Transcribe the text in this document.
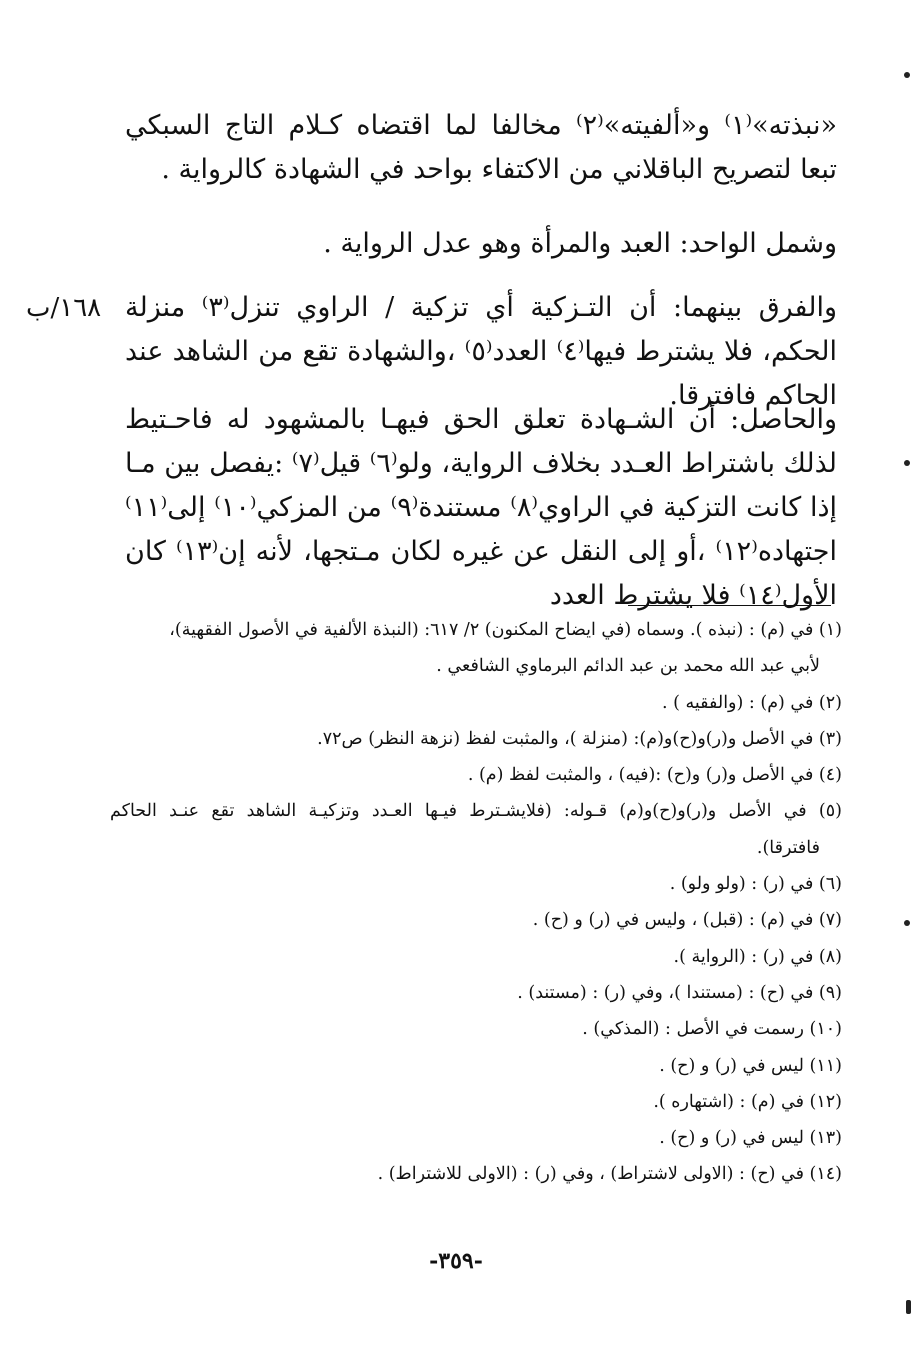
«نبذته»⁽١⁾ و«ألفيته»⁽٢⁾ مخالفا لما اقتضاه كـلام التاج السبكي تبعا لتصريح الباقلاني من الاكتفاء بواحد في الشهادة كالرواية .

وشمل الواحد: العبد والمرأة وهو عدل الرواية .

والفرق بينهما: أن التـزكية أي تزكية / الراوي تنزل⁽٣⁾ منزلة الحكم، فلا يشترط فيها⁽٤⁾ العدد⁽٥⁾ ،والشهادة تقع من الشاهد عند الحاكم فافترقا.

١٦٨/ب

والحاصل: أن الشـهادة تعلق الحق فيهـا بالمشهود له فاحـتيط لذلك باشتراط العـدد بخلاف الرواية، ولو⁽٦⁾ قيل⁽٧⁾ :يفصل بين مـا إذا كانت التزكية في الراوي⁽٨⁾ مستندة⁽٩⁾ من المزكي⁽١٠⁾ إلى⁽١١⁾ اجتهاده⁽١٢⁾ ،أو إلى النقل عن غيره لكان مـتجها، لأنه إن⁽١٣⁾ كان الأول⁽١٤⁾ فلا يشترط العدد

(١) في (م) : (نبذه ). وسماه (في ايضاح المكنون) ٢/ ٦١٧: (النبذة الألفية في الأصول الفقهية)،

لأبي عبد الله محمد بن عبد الدائم البرماوي الشافعي .

(٢) في (م) : (والفقيه ) .

(٣) في الأصل و(ر)و(ح)و(م): (منزلة )، والمثبت لفظ (نزهة النظر) ص٧٢.

(٤) في الأصل و(ر) و(ح) :(فيه) ، والمثبت لفظ (م) .

(٥) في الأصل و(ر)و(ح)و(م) قـوله: (فلايشـترط فيـها العـدد وتزكيـة الشاهد تقع عنـد الحاكم

فافترقا).

(٦) في (ر) : (ولو ولو) .

(٧) في (م) : (قبل) ، وليس في (ر) و (ح) .

(٨) في (ر) : (الرواية ).

(٩) في (ح) : (مستندا )، وفي (ر) : (مستند) .

(١٠) رسمت في الأصل : (المذكي) .

(١١) ليس في (ر) و (ح) .

(١٢) في (م) : (اشتهاره ).

(١٣) ليس في (ر) و (ح) .

(١٤) في (ح) : (الاولى لاشتراط) ، وفي (ر) : (الاولى للاشتراط) .

-٣٥٩-
